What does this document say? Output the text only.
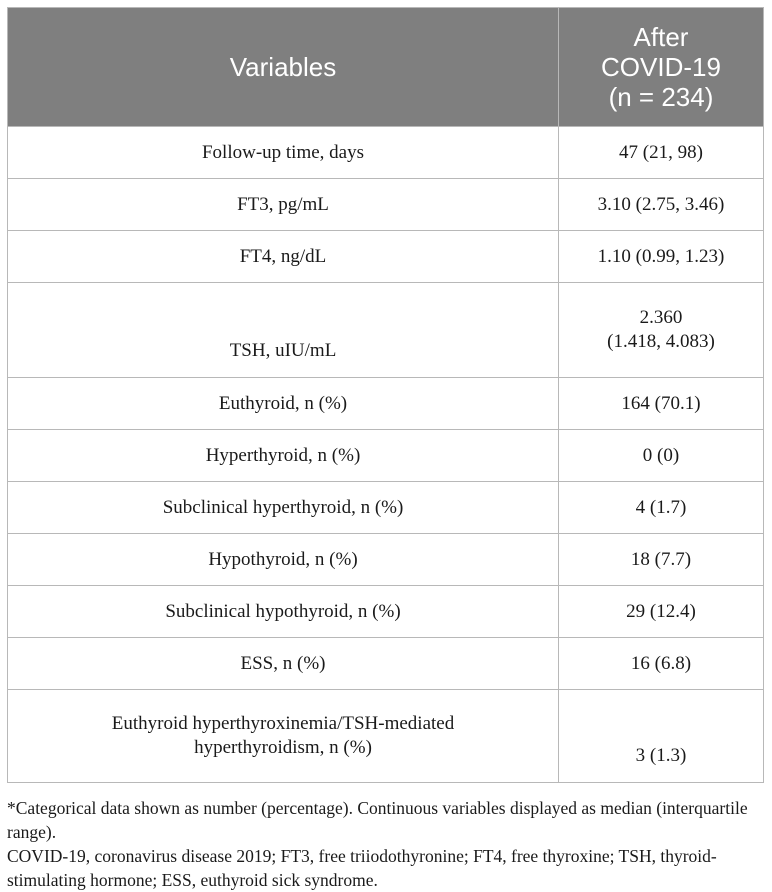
Variables	After
COVID-19
(n = 234)

Follow-up time, days	47 (21, 98)
FT3, pg/mL	3.10 (2.75, 3.46)
FT4, ng/dL	1.10 (0.99, 1.23)
TSH, uIU/mL	2.360
(1.418, 4.083)

Euthyroid, n (%)	164 (70.1)
Hyperthyroid, n (%)	0 (0)
Subclinical hyperthyroid, n (%)	4 (1.7)
Hypothyroid, n (%)	18 (7.7)
Subclinical hypothyroid, n (%)	29 (12.4)
ESS, n (%)	16 (6.8)

Euthyroid hyperthyroxinemia/TSH-mediated
hyperthyroidism, n (%)	3 (1.3)

*Categorical data shown as number (percentage). Continuous variables displayed as median (interquartile range).

COVID-19, coronavirus disease 2019; FT3, free triiodothyronine; FT4, free thyroxine; TSH, thyroid-stimulating hormone; ESS, euthyroid sick syndrome.
